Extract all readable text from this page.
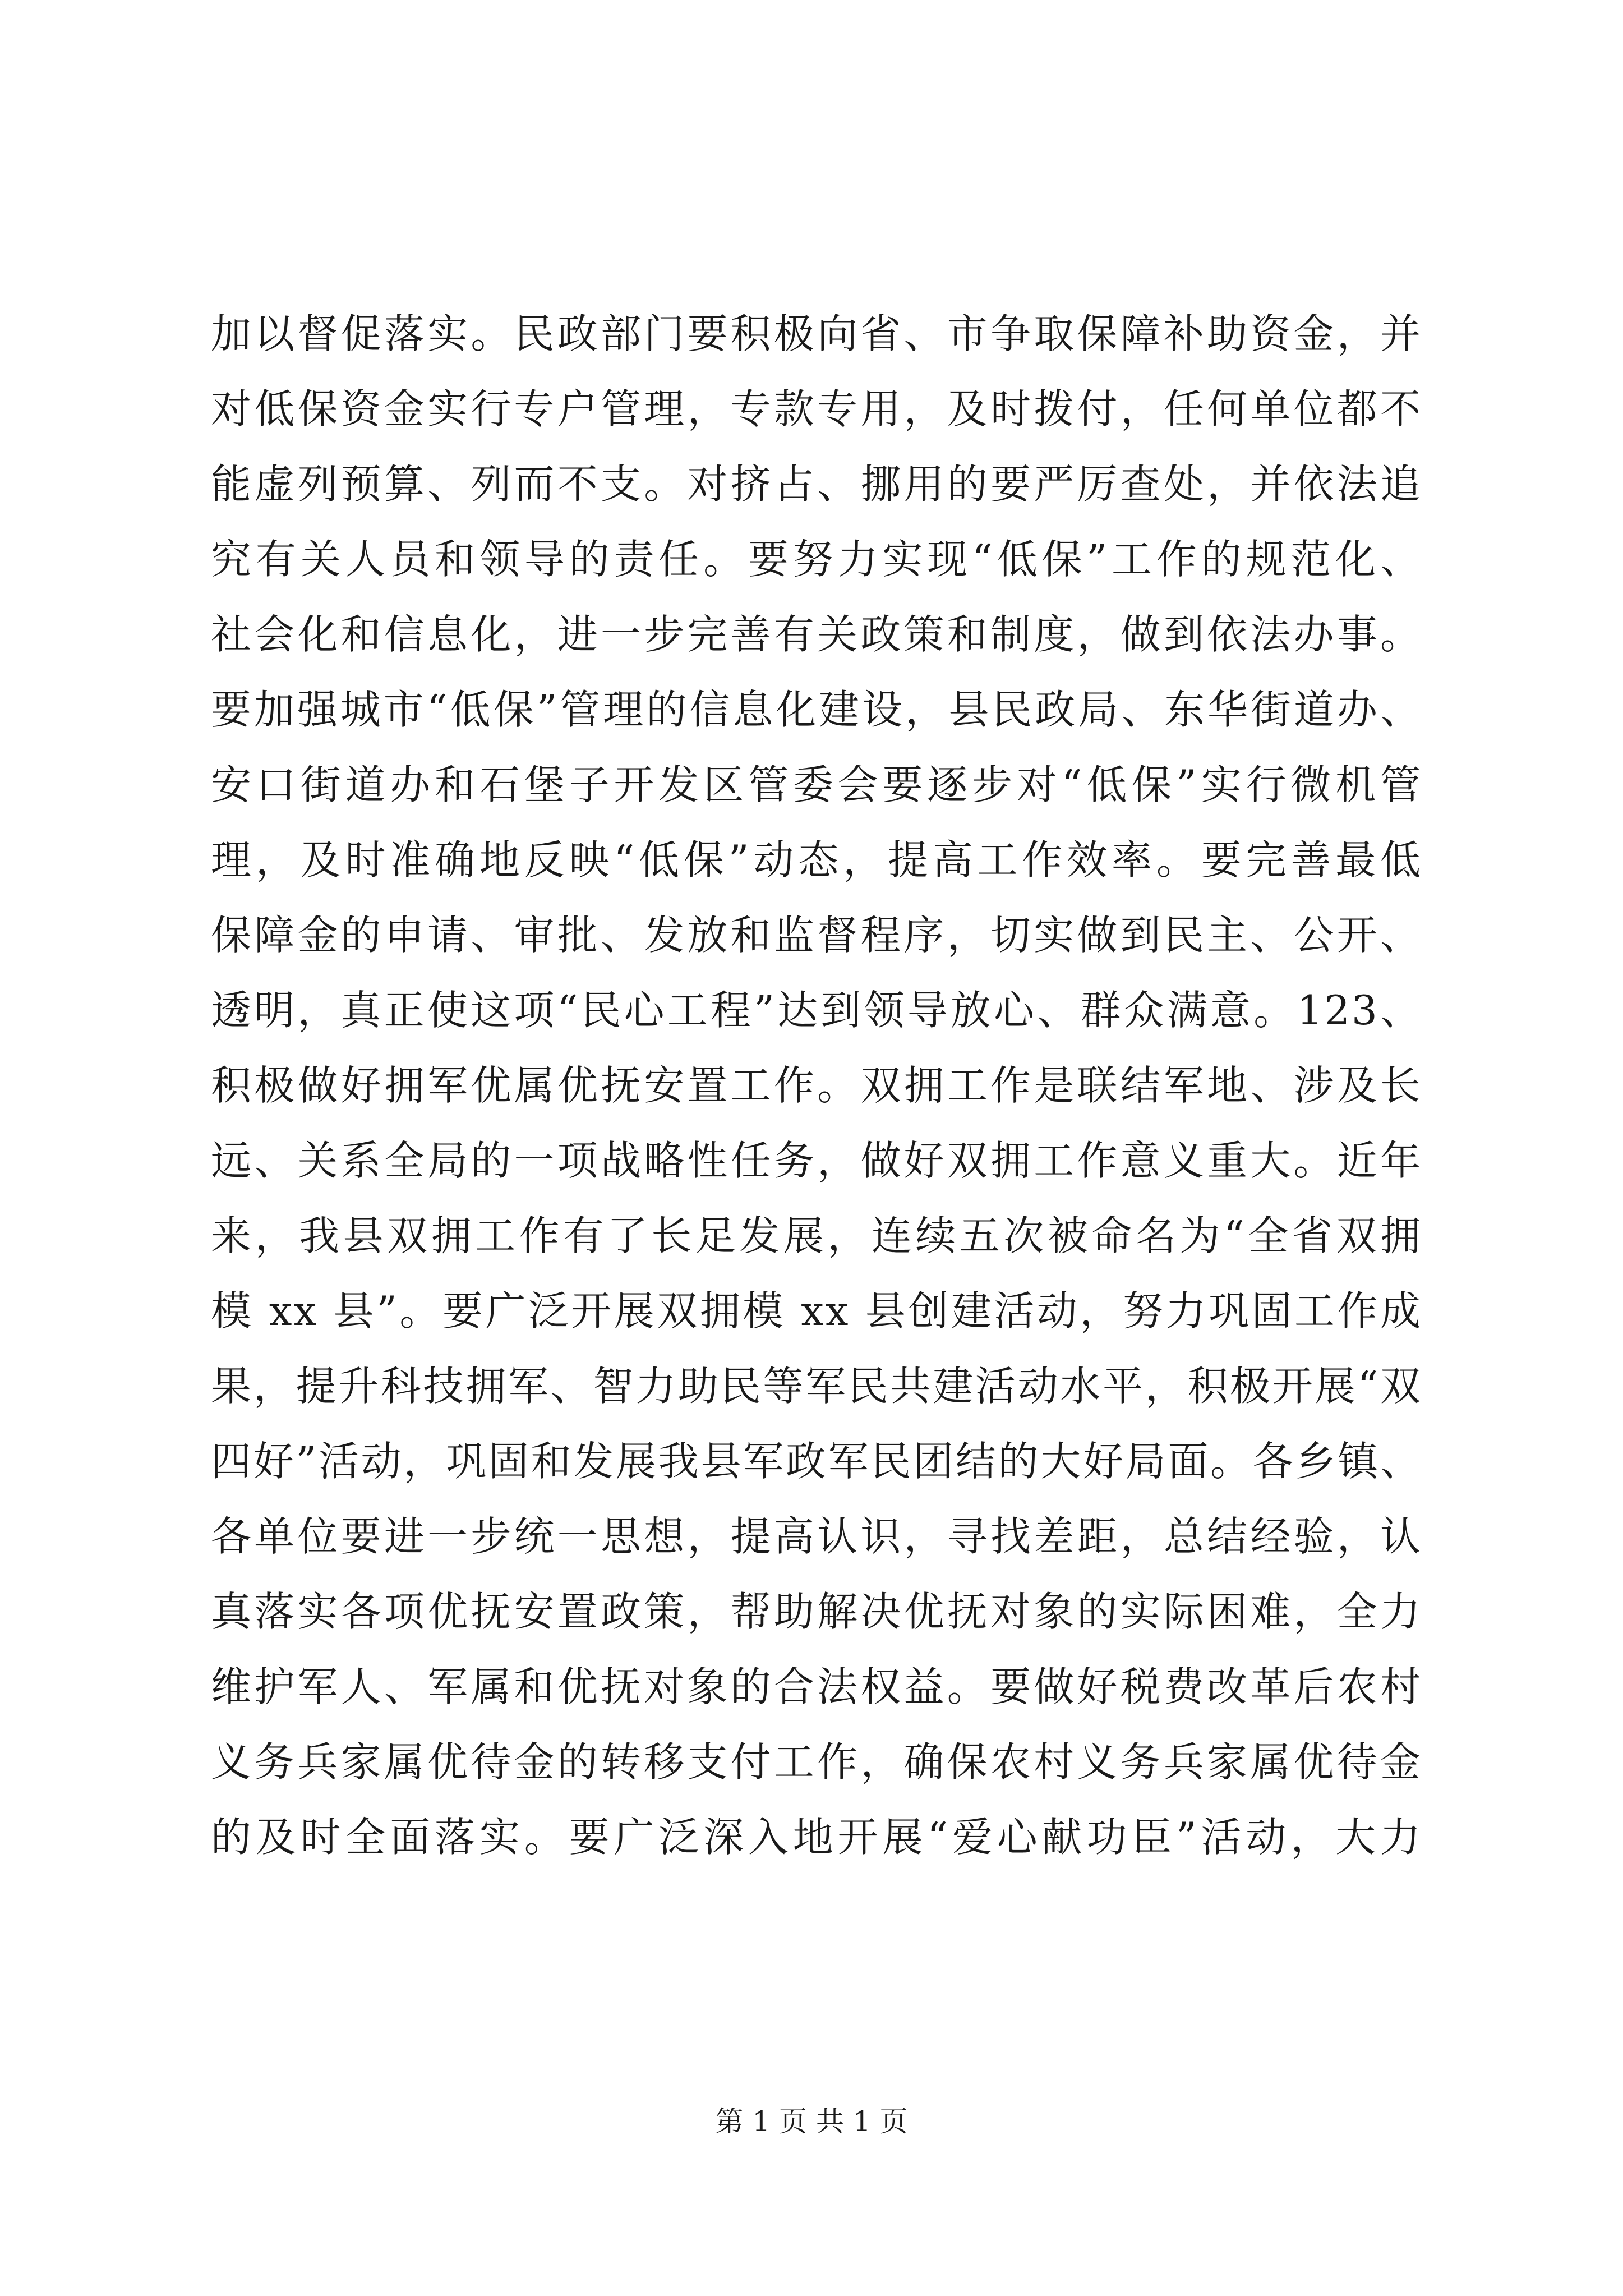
加以督促落实。民政部门要积极向省、市争取保障补助资金，并
对低保资金实行专户管理，专款专用，及时拨付，任何单位都不
能虚列预算、列而不支。对挤占、挪用的要严厉查处，并依法追
究有关人员和领导的责任。要努力实现“低保”工作的规范化、
社会化和信息化，进一步完善有关政策和制度，做到依法办事。
要加强城市“低保”管理的信息化建设，县民政局、东华街道办、
安口街道办和石堡子开发区管委会要逐步对“低保”实行微机管
理，及时准确地反映“低保”动态，提高工作效率。要完善最低
保障金的申请、审批、发放和监督程序，切实做到民主、公开、
透明，真正使这项“民心工程”达到领导放心、群众满意。123、
积极做好拥军优属优抚安置工作。双拥工作是联结军地、涉及长
远、关系全局的一项战略性任务，做好双拥工作意义重大。近年
来，我县双拥工作有了长足发展，连续五次被命名为“全省双拥
模 xx 县”。要广泛开展双拥模 xx 县创建活动，努力巩固工作成
果，提升科技拥军、智力助民等军民共建活动水平，积极开展“双
四好”活动，巩固和发展我县军政军民团结的大好局面。各乡镇、
各单位要进一步统一思想，提高认识，寻找差距，总结经验，认
真落实各项优抚安置政策，帮助解决优抚对象的实际困难，全力
维护军人、军属和优抚对象的合法权益。要做好税费改革后农村
义务兵家属优待金的转移支付工作，确保农村义务兵家属优待金
的及时全面落实。要广泛深入地开展“爱心献功臣”活动，大力
第 1 页 共 1 页
